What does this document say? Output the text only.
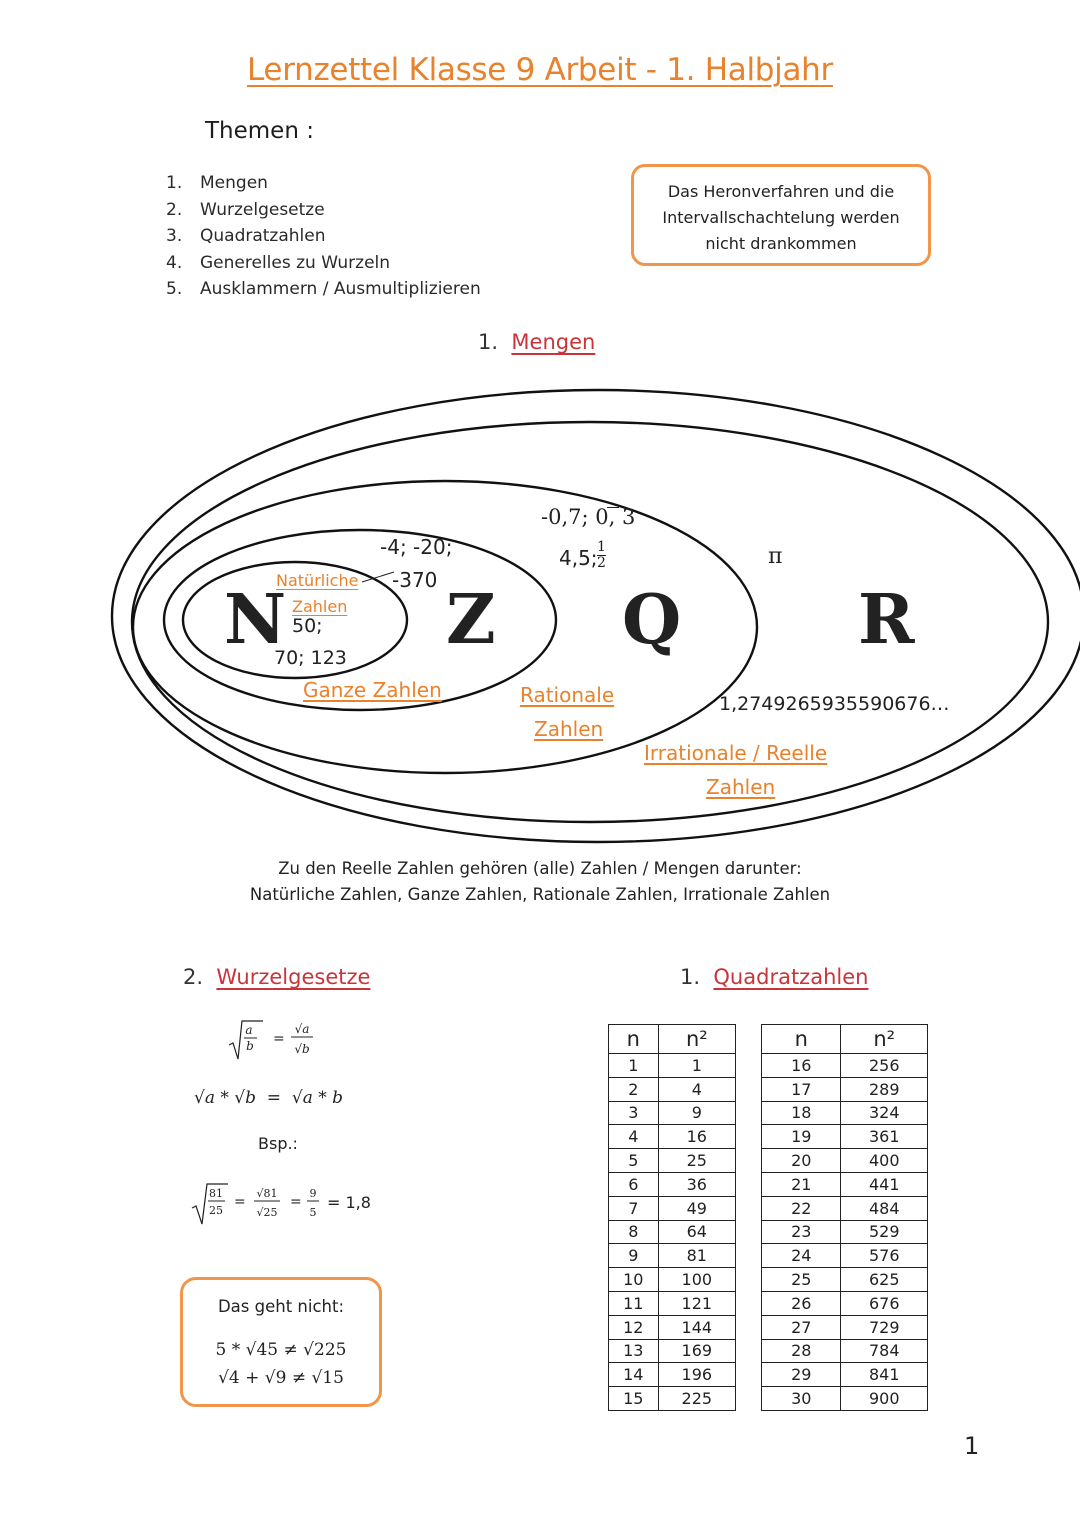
Lernzettel Klasse 9 Arbeit - 1. Halbjahr
Themen :
1. Mengen
2. Wurzelgesetze
3. Quadratzahlen
4. Generelles zu Wurzeln
5. Ausklammern / Ausmultiplizieren
Das Heronverfahren und die
Intervallschachtelung werden
nicht drankommen
1. Mengen
N Z Q	R
Natürliche
Zahlen
50;
70; 123
-4; -20;
-370
Ganze Zahlen
-0,7; 0, 3
4,5; $\frac{1}{2}$
Rationale
Zahlen
π
1,2749265935590676…
Irrationale / Reelle
Zahlen
Zu den Reelle Zahlen gehören (alle) Zahlen / Mengen darunter:
Natürliche Zahlen, Ganze Zahlen, Rationale Zahlen, Irrationale Zahlen
2. Wurzelgesetze	1. Quadratzahlen
a
b =
√a
√b
√a * √b  =  √a * b
Bsp.:
81
25
=
√81
√25
=
9
5
= 1,8
Das geht nicht:
5 * √45 ≠ √225
√4 + √9 ≠ √15
n	n²
1	1
2	4
3	9
4	16
5	25
6	36
7	49
8	64
9	81
10	100
11	121
12	144
13	169
14	196
15	225
n	n²
16	256
17	289
18	324
19	361
20	400
21	441
22	484
23	529
24	576
25	625
26	676
27	729
28	784
29	841
30	900
1
